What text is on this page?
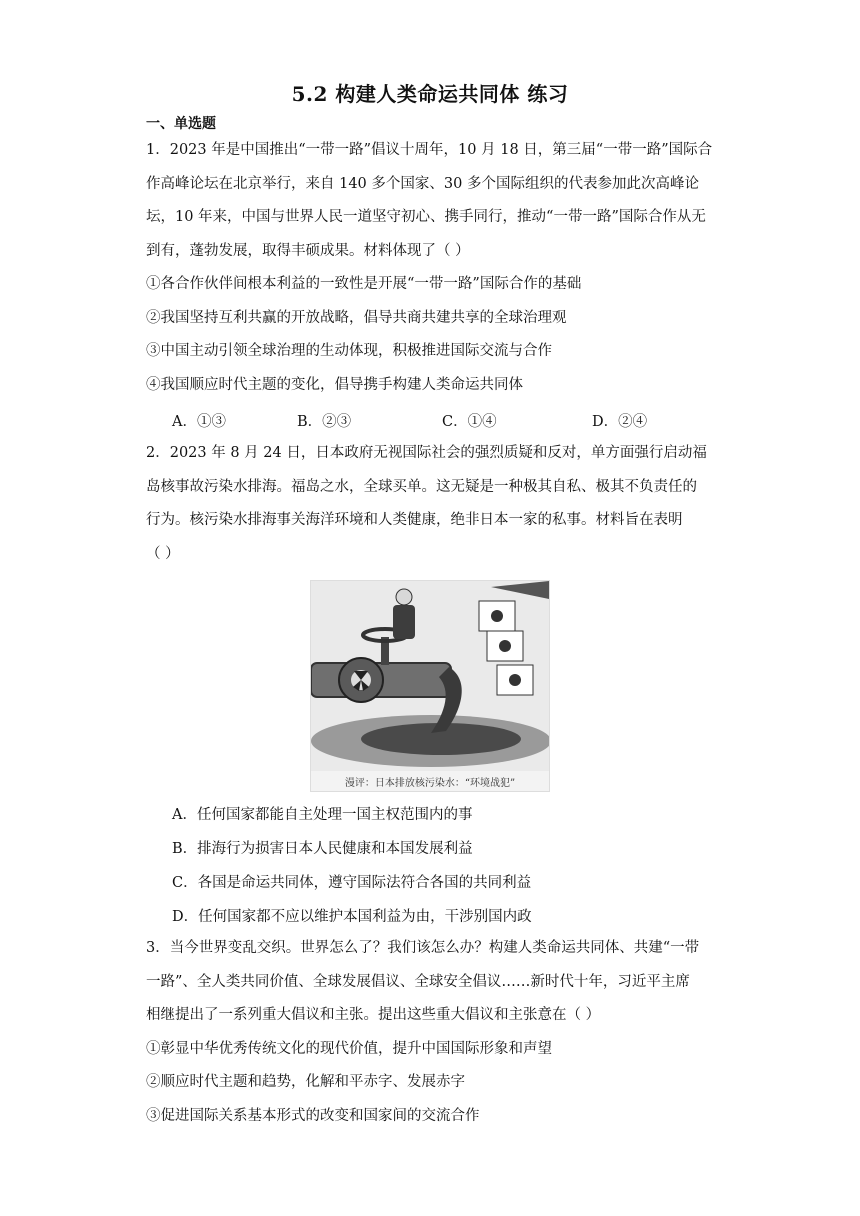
5.2 构建人类命运共同体 练习
一、单选题
1．2023 年是中国推出“一带一路”倡议十周年，10 月 18 日，第三届“一带一路”国际合
作高峰论坛在北京举行，来自 140 多个国家、30 多个国际组织的代表参加此次高峰论
坛，10 年来，中国与世界人民一道坚守初心、携手同行，推动“一带一路”国际合作从无
到有，蓬勃发展，取得丰硕成果。材料体现了（ ）
①各合作伙伴间根本利益的一致性是开展“一带一路”国际合作的基础
②我国坚持互利共赢的开放战略，倡导共商共建共享的全球治理观
③中国主动引领全球治理的生动体现，积极推进国际交流与合作
④我国顺应时代主题的变化，倡导携手构建人类命运共同体
A．①③	B．②③	C．①④	D．②④
2．2023 年 8 月 24 日，日本政府无视国际社会的强烈质疑和反对，单方面强行启动福
岛核事故污染水排海。福岛之水，全球买单。这无疑是一种极其自私、极其不负责任的
行为。核污染水排海事关海洋环境和人类健康，绝非日本一家的私事。材料旨在表明
（ ）
漫评：日本排放核污染水：“环境战犯”
A．任何国家都能自主处理一国主权范围内的事
B．排海行为损害日本人民健康和本国发展利益
C．各国是命运共同体，遵守国际法符合各国的共同利益
D．任何国家都不应以维护本国利益为由，干涉别国内政
3．当今世界变乱交织。世界怎么了？我们该怎么办？构建人类命运共同体、共建“一带
一路”、全人类共同价值、全球发展倡议、全球安全倡议……新时代十年，习近平主席
相继提出了一系列重大倡议和主张。提出这些重大倡议和主张意在（ ）
①彰显中华优秀传统文化的现代价值，提升中国国际形象和声望
②顺应时代主题和趋势，化解和平赤字、发展赤字
③促进国际关系基本形式的改变和国家间的交流合作
